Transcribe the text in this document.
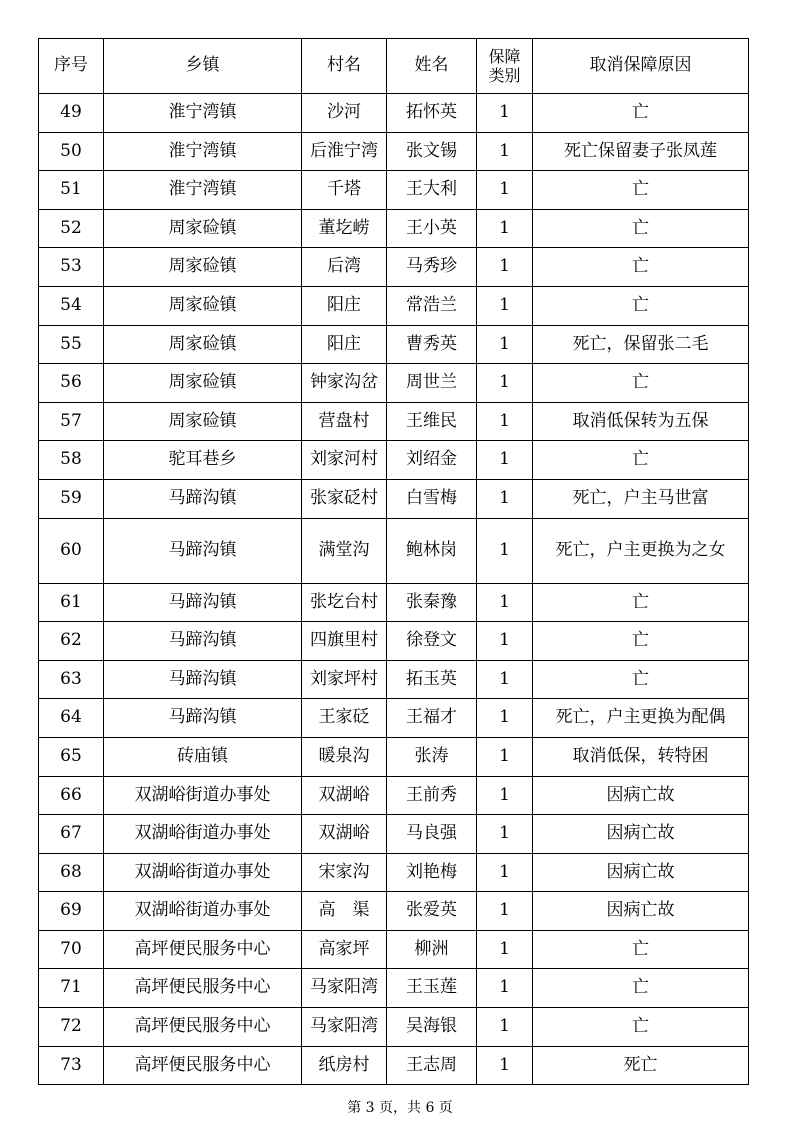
序号	乡镇	村名	姓名	保障类别	取消保障原因
49	淮宁湾镇	沙河	拓怀英	1	亡
50	淮宁湾镇	后淮宁湾	张文锡	1	死亡保留妻子张凤莲
51	淮宁湾镇	千塔	王大利	1	亡
52	周家硷镇	董圪崂	王小英	1	亡
53	周家硷镇	后湾	马秀珍	1	亡
54	周家硷镇	阳庄	常浩兰	1	亡
55	周家硷镇	阳庄	曹秀英	1	死亡，保留张二毛
56	周家硷镇	钟家沟岔	周世兰	1	亡
57	周家硷镇	营盘村	王维民	1	取消低保转为五保
58	驼耳巷乡	刘家河村	刘绍金	1	亡
59	马蹄沟镇	张家砭村	白雪梅	1	死亡，户主马世富
60	马蹄沟镇	满堂沟	鲍林岗	1	死亡，户主更换为之女
61	马蹄沟镇	张圪台村	张秦豫	1	亡
62	马蹄沟镇	四旗里村	徐登文	1	亡
63	马蹄沟镇	刘家坪村	拓玉英	1	亡
64	马蹄沟镇	王家砭	王福才	1	死亡，户主更换为配偶
65	砖庙镇	暖泉沟	张涛	1	取消低保，转特困
66	双湖峪街道办事处	双湖峪	王前秀	1	因病亡故
67	双湖峪街道办事处	双湖峪	马良强	1	因病亡故
68	双湖峪街道办事处	宋家沟	刘艳梅	1	因病亡故
69	双湖峪街道办事处	高　渠	张爱英	1	因病亡故
70	高坪便民服务中心	高家坪	柳洲	1	亡
71	高坪便民服务中心	马家阳湾	王玉莲	1	亡
72	高坪便民服务中心	马家阳湾	吴海银	1	亡
73	高坪便民服务中心	纸房村	王志周	1	死亡
第 3 页，共 6 页
